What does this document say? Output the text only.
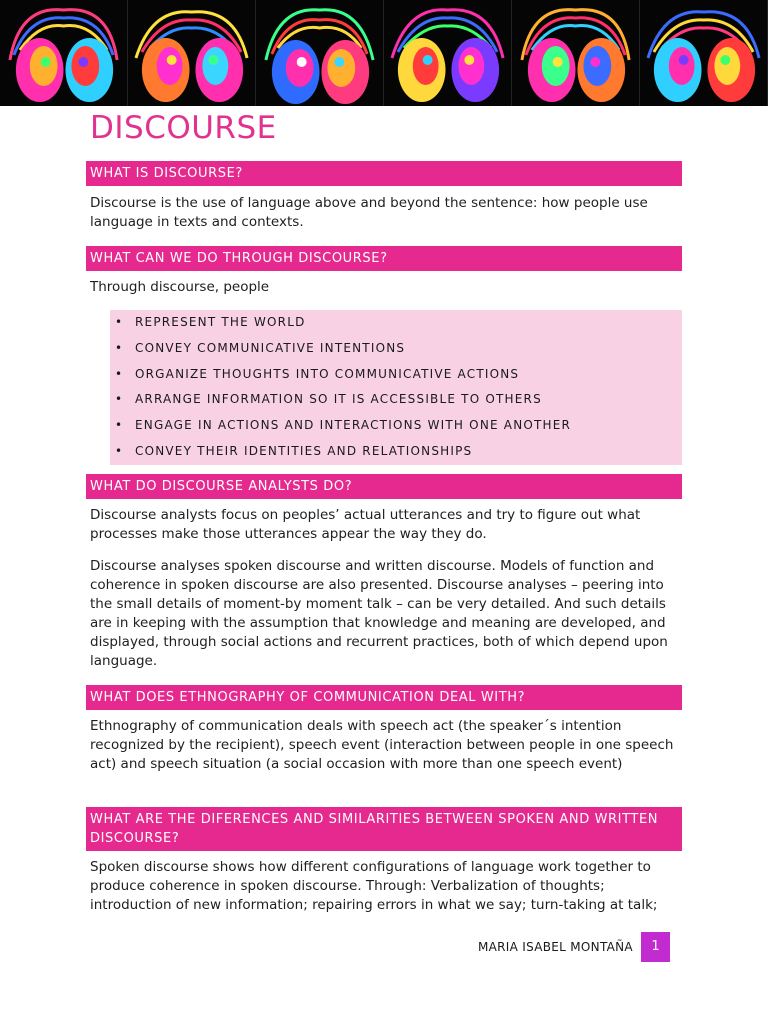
DISCOURSE
WHAT IS DISCOURSE?

Discourse is the use of language above and beyond the sentence: how people use language in texts and contexts.

WHAT CAN WE DO THROUGH DISCOURSE?

Through discourse, people

• REPRESENT THE WORLD
• CONVEY COMMUNICATIVE INTENTIONS
• ORGANIZE THOUGHTS INTO COMMUNICATIVE ACTIONS
• ARRANGE INFORMATION SO IT IS ACCESSIBLE TO OTHERS
• ENGAGE IN ACTIONS AND INTERACTIONS WITH ONE ANOTHER
• CONVEY THEIR IDENTITIES AND RELATIONSHIPS
WHAT DO DISCOURSE ANALYSTS DO?

Discourse analysts focus on peoples’ actual utterances and try to figure out what processes make those utterances appear the way they do.

Discourse analyses spoken discourse and written discourse. Models of function and coherence in spoken discourse are also presented. Discourse analyses – peering into the small details of moment-by moment talk – can be very detailed. And such details are in keeping with the assumption that knowledge and meaning are developed, and displayed, through social actions and recurrent practices, both of which depend upon language.

WHAT DOES ETHNOGRAPHY OF COMMUNICATION DEAL WITH?

Ethnography of communication deals with speech act (the speaker´s intention recognized by the recipient), speech event (interaction between people in one speech act) and speech situation (a social occasion with more than one speech event)

WHAT ARE THE DIFERENCES AND SIMILARITIES BETWEEN SPOKEN AND WRITTEN DISCOURSE?

Spoken discourse shows how different configurations of language work together to produce coherence in spoken discourse. Through: Verbalization of thoughts; introduction of new information; repairing errors in what we say; turn-taking at talk;

MARIA ISABEL MONTAÑA	1
